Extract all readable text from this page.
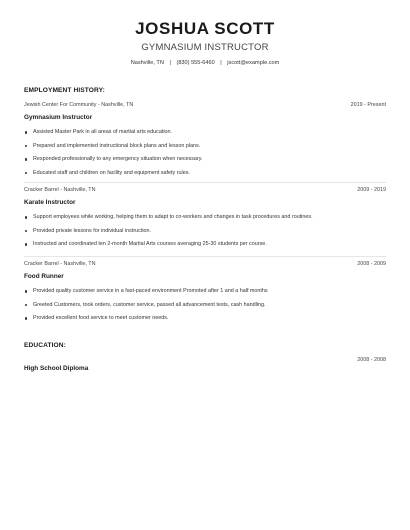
JOSHUA SCOTT
GYMNASIUM INSTRUCTOR
Nashville, TN | (830) 555-6460 | jscott@example.com
EMPLOYMENT HISTORY:
Jewish Center For Community - Nashville, TN	2019 - Present
Gymnasium Instructor
Assisted Master Park in all areas of martial arts education.
Prepared and implemented instructional block plans and lesson plans.
Responded professionally to any emergency situation when necessary.
Educated staff and children on facility and equipment safety rules.
Cracker Barrel - Nashville, TN	2009 - 2019
Karate Instructor
Support employees while working, helping them to adapt to co-workers and changes in task procedures and routines.
Provided private lessons for individual instruction.
Instructed and coordinated ten 2-month Martial Arts courses averaging 25-30 students per course.
Cracker Barrel - Nashville, TN	2008 - 2009
Food Runner
Provided quality customer service in a fast-paced environment Promoted after 1 and a half months
Greeted Customers, took orders, customer service, passed all advancement tests, cash handling.
Provided excellent food service to meet customer needs.
EDUCATION:
2008 - 2008
High School Diploma
